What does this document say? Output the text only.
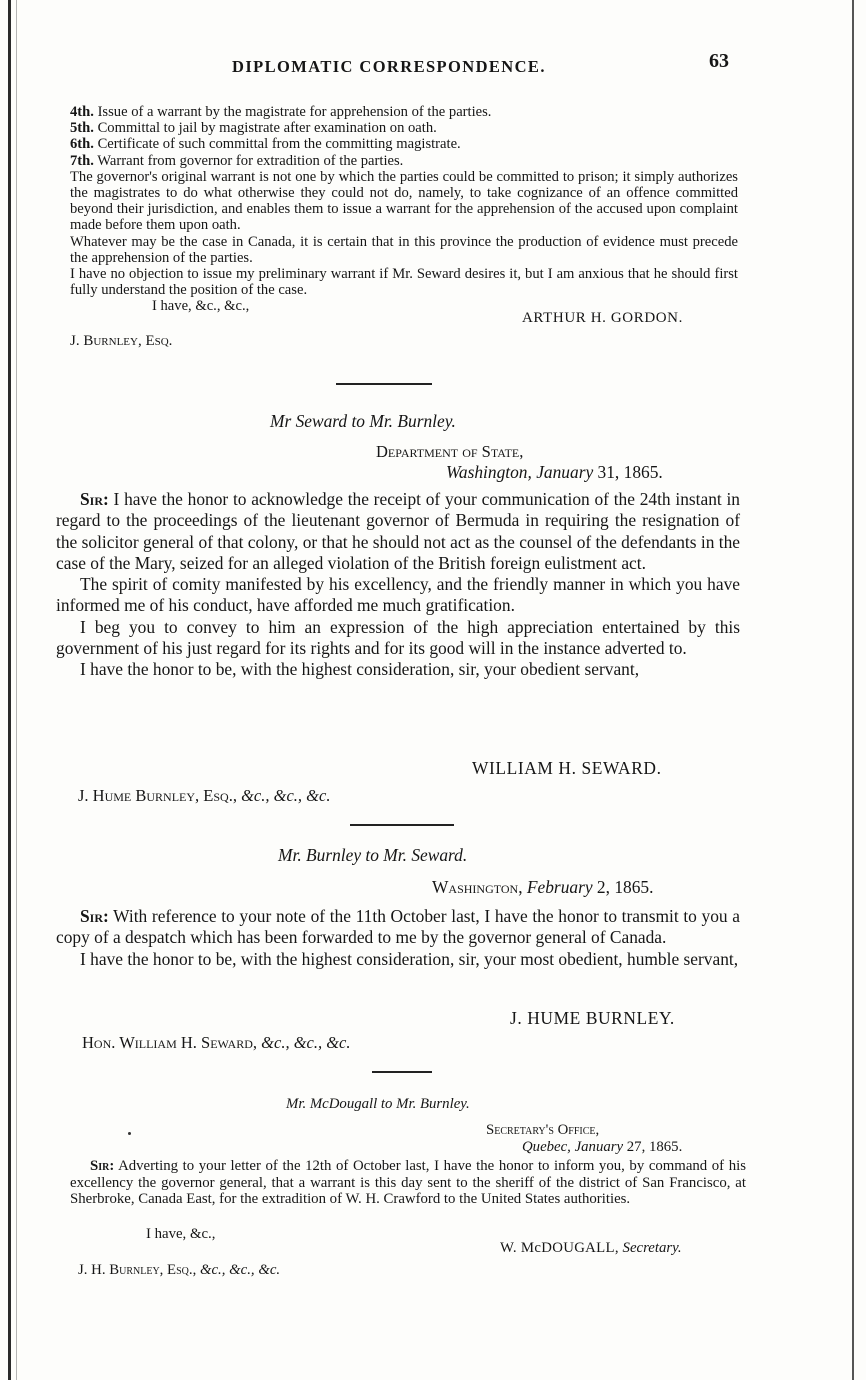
DIPLOMATIC CORRESPONDENCE.	63

4th. Issue of a warrant by the magistrate for apprehension of the parties.

5th. Committal to jail by magistrate after examination on oath.

6th. Certificate of such committal from the committing magistrate.

7th. Warrant from governor for extradition of the parties.

The governor's original warrant is not one by which the parties could be committed to prison; it simply authorizes the magistrates to do what otherwise they could not do, namely, to take cognizance of an offence committed beyond their jurisdiction, and enables them to issue a warrant for the apprehension of the accused upon complaint made before them upon oath.

Whatever may be the case in Canada, it is certain that in this province the production of evidence must precede the apprehension of the parties.

I have no objection to issue my preliminary warrant if Mr. Seward desires it, but I am anxious that he should first fully understand the position of the case.

I have, &c., &c.,
ARTHUR H. GORDON.
J. Burnley, Esq.
Mr Seward to Mr. Burnley.
Department of State,
Washington, January 31, 1865.

Sir: I have the honor to acknowledge the receipt of your communication of the 24th instant in regard to the proceedings of the lieutenant governor of Bermuda in requiring the resignation of the solicitor general of that colony, or that he should not act as the counsel of the defendants in the case of the Mary, seized for an alleged violation of the British foreign eulistment act.

The spirit of comity manifested by his excellency, and the friendly manner in which you have informed me of his conduct, have afforded me much gratification.

I beg you to convey to him an expression of the high appreciation entertained by this government of his just regard for its rights and for its good will in the instance adverted to.

I have the honor to be, with the highest consideration, sir, your obedient servant,

WILLIAM H. SEWARD.
J. Hume Burnley, Esq., &c., &c., &c.
Mr. Burnley to Mr. Seward.
Washington, February 2, 1865.

Sir: With reference to your note of the 11th October last, I have the honor to transmit to you a copy of a despatch which has been forwarded to me by the governor general of Canada.

I have the honor to be, with the highest consideration, sir, your most obedient, humble servant,

J. HUME BURNLEY.
Hon. William H. Seward, &c., &c., &c.
Mr. McDougall to Mr. Burnley.
Secretary's Office,
Quebec, January 27, 1865.

Sir: Adverting to your letter of the 12th of October last, I have the honor to inform you, by command of his excellency the governor general, that a warrant is this day sent to the sheriff of the district of San Francisco, at Sherbroke, Canada East, for the extradition of W. H. Crawford to the United States authorities.

I have, &c.,
W. McDOUGALL, Secretary.
J. H. Burnley, Esq., &c., &c., &c.
